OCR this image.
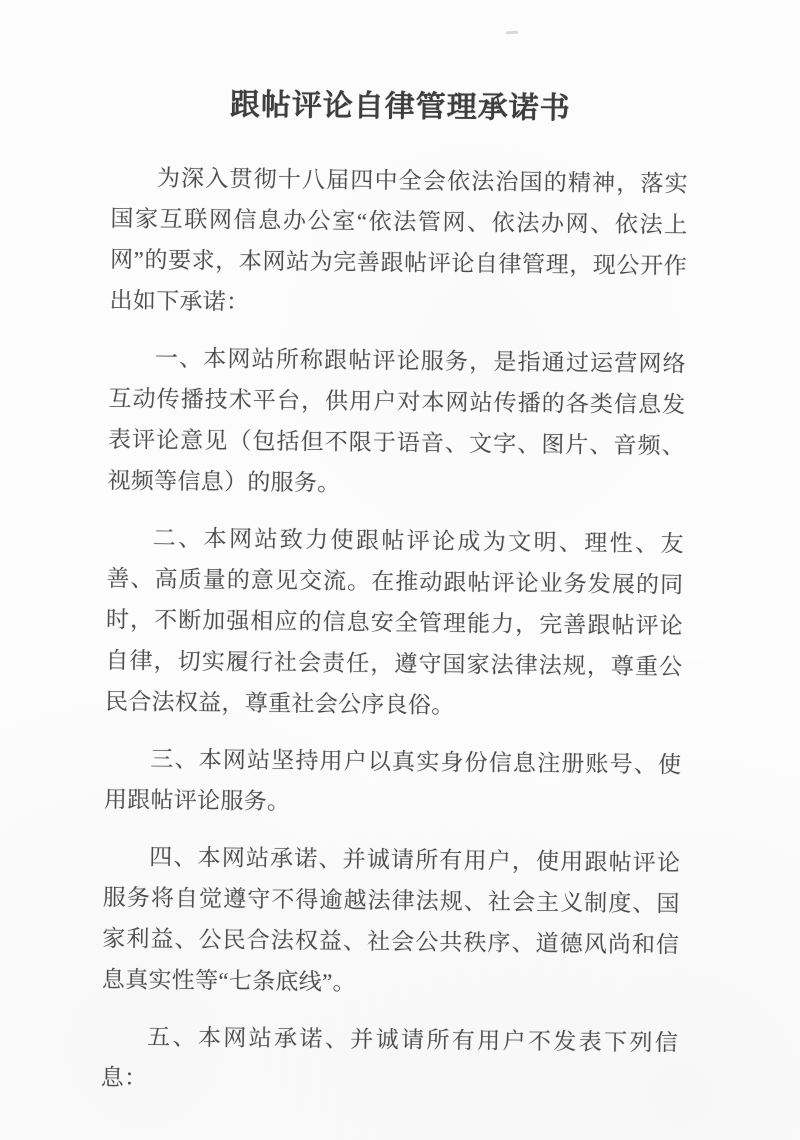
跟帖评论自律管理承诺书

为深入贯彻十八届四中全会依法治国的精神，落实国家互联网信息办公室“依法管网、依法办网、依法上网”的要求，本网站为完善跟帖评论自律管理，现公开作出如下承诺：

一、本网站所称跟帖评论服务，是指通过运营网络互动传播技术平台，供用户对本网站传播的各类信息发表评论意见（包括但不限于语音、文字、图片、音频、视频等信息）的服务。

二、本网站致力使跟帖评论成为文明、理性、友善、高质量的意见交流。在推动跟帖评论业务发展的同时，不断加强相应的信息安全管理能力，完善跟帖评论自律，切实履行社会责任，遵守国家法律法规，尊重公民合法权益，尊重社会公序良俗。

三、本网站坚持用户以真实身份信息注册账号、使用跟帖评论服务。

四、本网站承诺、并诚请所有用户，使用跟帖评论服务将自觉遵守不得逾越法律法规、社会主义制度、国家利益、公民合法权益、社会公共秩序、道德风尚和信息真实性等“七条底线”。

五、本网站承诺、并诚请所有用户不发表下列信息：
